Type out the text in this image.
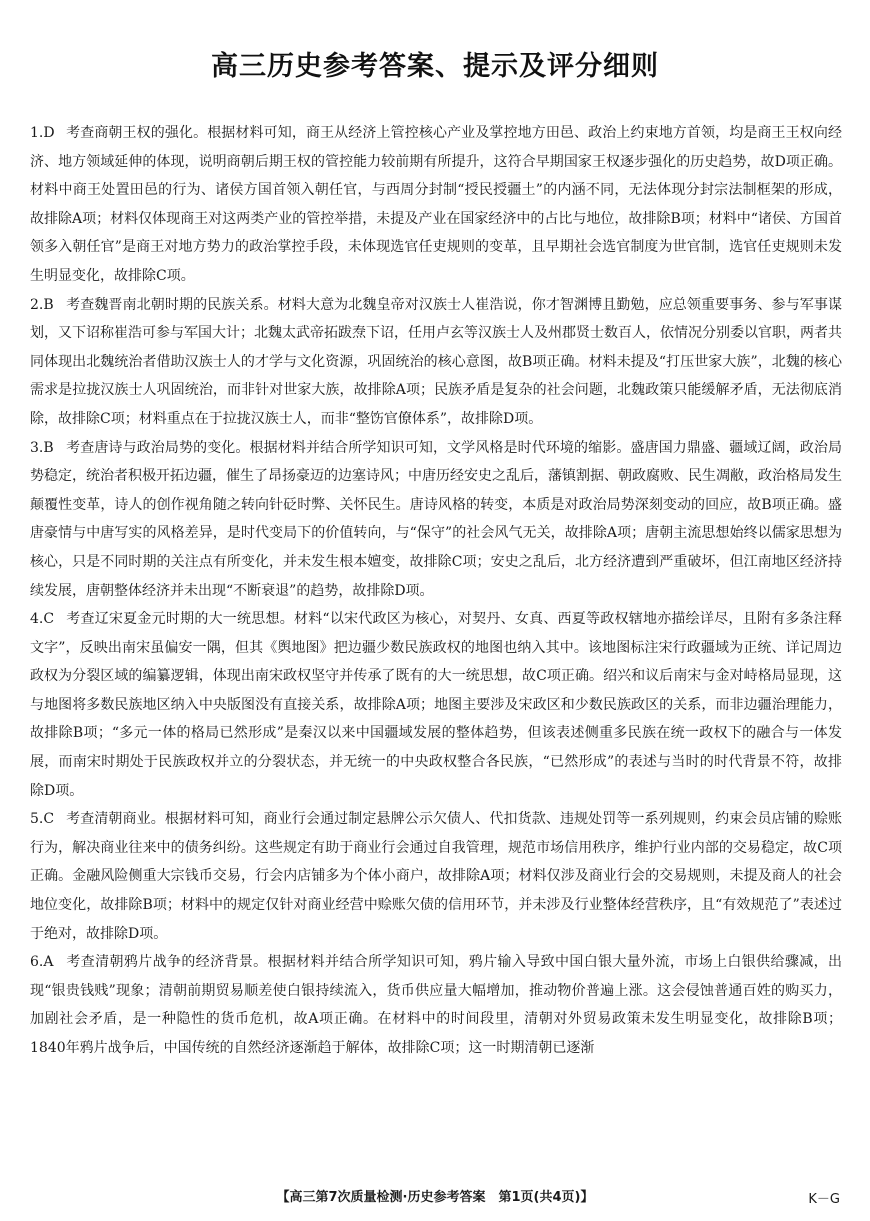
高三历史参考答案、提示及评分细则

1.D 考查商朝王权的强化。根据材料可知，商王从经济上管控核心产业及掌控地方田邑、政治上约束地方首领，均是商王王权向经济、地方领域延伸的体现，说明商朝后期王权的管控能力较前期有所提升，这符合早期国家王权逐步强化的历史趋势，故D项正确。材料中商王处置田邑的行为、诸侯方国首领入朝任官，与西周分封制“授民授疆土”的内涵不同，无法体现分封宗法制框架的形成，故排除A项；材料仅体现商王对这两类产业的管控举措，未提及产业在国家经济中的占比与地位，故排除B项；材料中“诸侯、方国首领多入朝任官”是商王对地方势力的政治掌控手段，未体现选官任吏规则的变革，且早期社会选官制度为世官制，选官任吏规则未发生明显变化，故排除C项。

2.B 考查魏晋南北朝时期的民族关系。材料大意为北魏皇帝对汉族士人崔浩说，你才智渊博且勤勉，应总领重要事务、参与军事谋划，又下诏称崔浩可参与军国大计；北魏太武帝拓跋焘下诏，任用卢玄等汉族士人及州郡贤士数百人，依情况分别委以官职，两者共同体现出北魏统治者借助汉族士人的才学与文化资源，巩固统治的核心意图，故B项正确。材料未提及“打压世家大族”，北魏的核心需求是拉拢汉族士人巩固统治，而非针对世家大族，故排除A项；民族矛盾是复杂的社会问题，北魏政策只能缓解矛盾，无法彻底消除，故排除C项；材料重点在于拉拢汉族士人，而非“整饬官僚体系”，故排除D项。

3.B 考查唐诗与政治局势的变化。根据材料并结合所学知识可知，文学风格是时代环境的缩影。盛唐国力鼎盛、疆域辽阔，政治局势稳定，统治者积极开拓边疆，催生了昂扬豪迈的边塞诗风；中唐历经安史之乱后，藩镇割据、朝政腐败、民生凋敝，政治格局发生颠覆性变革，诗人的创作视角随之转向针砭时弊、关怀民生。唐诗风格的转变，本质是对政治局势深刻变动的回应，故B项正确。盛唐豪情与中唐写实的风格差异，是时代变局下的价值转向，与“保守”的社会风气无关，故排除A项；唐朝主流思想始终以儒家思想为核心，只是不同时期的关注点有所变化，并未发生根本嬗变，故排除C项；安史之乱后，北方经济遭到严重破坏，但江南地区经济持续发展，唐朝整体经济并未出现“不断衰退”的趋势，故排除D项。

4.C 考查辽宋夏金元时期的大一统思想。材料“以宋代政区为核心，对契丹、女真、西夏等政权辖地亦描绘详尽，且附有多条注释文字”，反映出南宋虽偏安一隅，但其《舆地图》把边疆少数民族政权的地图也纳入其中。该地图标注宋行政疆域为正统、详记周边政权为分裂区域的编纂逻辑，体现出南宋政权坚守并传承了既有的大一统思想，故C项正确。绍兴和议后南宋与金对峙格局显现，这与地图将多数民族地区纳入中央版图没有直接关系，故排除A项；地图主要涉及宋政区和少数民族政区的关系，而非边疆治理能力，故排除B项；“多元一体的格局已然形成”是秦汉以来中国疆域发展的整体趋势，但该表述侧重多民族在统一政权下的融合与一体发展，而南宋时期处于民族政权并立的分裂状态，并无统一的中央政权整合各民族，“已然形成”的表述与当时的时代背景不符，故排除D项。

5.C 考查清朝商业。根据材料可知，商业行会通过制定悬牌公示欠债人、代扣货款、违规处罚等一系列规则，约束会员店铺的赊账行为，解决商业往来中的债务纠纷。这些规定有助于商业行会通过自我管理，规范市场信用秩序，维护行业内部的交易稳定，故C项正确。金融风险侧重大宗钱币交易，行会内店铺多为个体小商户，故排除A项；材料仅涉及商业行会的交易规则，未提及商人的社会地位变化，故排除B项；材料中的规定仅针对商业经营中赊账欠债的信用环节，并未涉及行业整体经营秩序，且“有效规范了”表述过于绝对，故排除D项。

6.A 考查清朝鸦片战争的经济背景。根据材料并结合所学知识可知，鸦片输入导致中国白银大量外流，市场上白银供给骤减，出现“银贵钱贱”现象；清朝前期贸易顺差使白银持续流入，货币供应量大幅增加，推动物价普遍上涨。这会侵蚀普通百姓的购买力，加剧社会矛盾，是一种隐性的货币危机，故A项正确。在材料中的时间段里，清朝对外贸易政策未发生明显变化，故排除B项；1840年鸦片战争后，中国传统的自然经济逐渐趋于解体，故排除C项；这一时期清朝已逐渐

【高三第7次质量检测·历史参考答案　第1页(共4页)】	K－G
